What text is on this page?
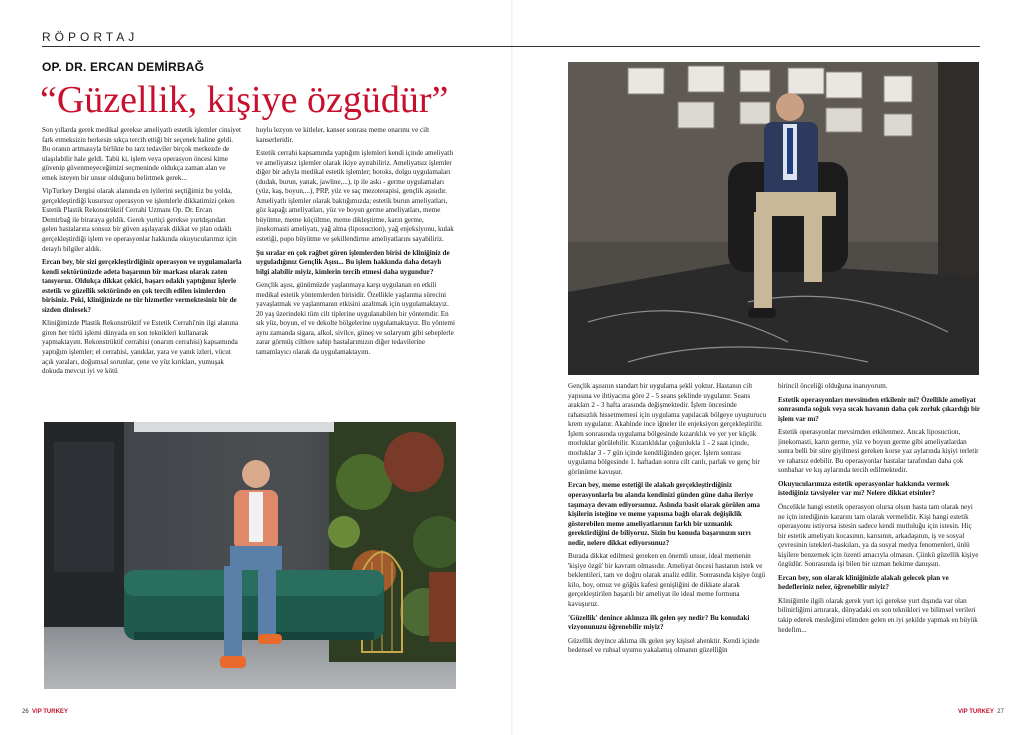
RÖPORTAJ
OP. DR. ERCAN DEMİRBAĞ
“Güzellik, kişiye özgüdür”

Son yıllarda gerek medikal gerekse ameliyatlı estetik işlemler cinsiyet fark etmeksizin herkesin sıkça tercih ettiği bir seçenek haline geldi. Bu oranın artmasıyla birlikte bu tarz tedaviler birçok merkezde de ulaşılabilir hale geldi. Tabii ki, işlem veya operasyon öncesi kime güvenip güvenmeyeceğimizi seçmeninde oldukça zaman alan ve emek isteyen bir unsur olduğunu belirtmek gerek...

VipTurkey Dergisi olarak alanında en iyilerini seçtiğimiz bu yolda, gerçekleştirdiği kusursuz operasyon ve işlemlerle dikkatimizi çeken Estetik Plastik Rekonstrüktif Cerrahi Uzmanı Op. Dr. Ercan Demirbağ ile biraraya geldik. Gerek yurtiçi gerekse yurtdışından gelen hastalarına sonsuz bir güven aşılayarak dikkat ve plan odaklı gerçekleştirdiği işlem ve operasyonlar hakkında okuyucularımız için detaylı bilgiler aldık.

Ercan bey, bir sizi gerçekleştirdiğiniz operasyon ve uygulamalarla kendi sektörünüzde adeta başarının bir markası olarak zaten tanıyoruz. Oldukça dikkat çekici, başarı odaklı yaptığınız işlerle estetik ve güzellik sektöründe en çok tercih edilen isimlerden birisiniz. Peki, kliniğinizde ne tür hizmetler vermektesiniz bir de sizden dinlesek?

Kliniğimizde Plastik Rekonstrüktif ve Estetik Cerrahi'nin ilgi alanına giren her türlü işlemi dünyada en son teknikleri kullanarak yapmaktayım. Rekonstrüktif cerrahisi (onarım cerrahisi) kapsamında yaptığım işlemler; el cerrahisi, yanıklar, yara ve yanık izleri, vücut açık yaraları, doğumsal sorunlar, çene ve yüz kırıkları, yumuşak dokuda mevcut iyi ve kötü

huylu lezyon ve kitleler, kanser sonrası meme onarımı ve cilt kanserleridir.

Estetik cerrahi kapsamında yaptığım işlemleri kendi içinde ameliyatlı ve ameliyatsız işlemler olarak ikiye ayırabiliriz. Ameliyatsız işlemler diğer bir adıyla medikal estetik işlemler; botoks, dolgu uygulamaları (dudak, burun, yanak, jawline,...), ip ile askı - germe uygulamaları (yüz, kaş, boyun,...), PRP, yüz ve saç mezoterapisi, gençlik aşısıdır. Ameliyatlı işlemler olarak baktığımızda; estetik burun ameliyatları, göz kapağı ameliyatları, yüz ve boyun germe ameliyatları, meme büyütme, meme küçültme, meme dikleştirme, karın germe, jinekomasti ameliyatı, yağ alma (liposuction), yağ enjeksiyonu, kulak estetiği, popo büyütme ve şekillendirme ameliyatlarını sayabiliriz.

Şu sıralar en çok rağbet gören işlemlerden birisi de kliniğiniz de uyguladığınız Gençlik Aşısı... Bu işlem hakkında daha detaylı bilgi alabilir miyiz, kimlerin tercih etmesi daha uygundur?

Gençlik aşısı, günümüzde yaşlanmaya karşı uygulanan en etkili medikal estetik yöntemlerden birisidir. Özellikle yaşlanma sürecini yavaşlatmak ve yaşlanmanın etkisini azaltmak için uygulamaktayız. 20 yaş üzerindeki tüm cilt tiplerine uygulanabilen bir yöntemdir. En sık yüz, boyun, el ve dekolte bölgelerine uygulamaktayız. Bu yöntemi aynı zamanda sigara, alkol, sivilce, güneş ve solaryum gibi sebeplerle zarar görmüş ciltlere sahip hastalarımızın diğer tedavilerine tamamlayıcı olarak da uygulamaktayım.

Gençlik aşısının standart bir uygulama şekli yoktur. Hastanın cilt yapısına ve ihtiyacına göre 2 - 5 seans şeklinde uygulanır. Seans arakları 2 - 3 hafta arasında değişmektedir. İşlem öncesinde rahatsızlık hissetmemesi için uygulama yapılacak bölgeye uyuşturucu krem uygulanır. Akabinde ince iğneler ile enjeksiyon gerçekleştirilir. İşlem sonrasında uygulama bölgesinde kızarıklık ve yer yer küçük morluklar görülebilir. Kızarıklıklar çoğunlukla 1 - 2 saat içinde, morluklar 3 - 7 gün içinde kendiliğinden geçer. İşlem sonrası uygulama bölgesinde 1. haftadan sonra cilt canlı, parlak ve genç bir görünüme kavuşur.

Ercan bey, meme estetiği ile alakalı gerçekleştirdiğiniz operasyonlarla bu alanda kendinizi günden güne daha ileriye taşımaya devam ediyorsunuz. Aslında basit olarak görülen ama kişilerin isteğine ve meme yapısına bağlı olarak değişiklik gösterebilen meme ameliyatlarının farklı bir uzmanlık gerektirdiğini de biliyoruz. Sizin bu konuda başarınızın sırrı nedir, nelere dikkat ediyorsunuz?

Burada dikkat edilmesi gereken en önemli unsur, ideal memenin 'kişiye özgü' bir kavram olmasıdır. Ameliyat öncesi hastanın istek ve beklentileri, tam ve doğru olarak analiz edilir. Sonrasında kişiye özgü kilo, boy, omuz ve göğüs kafesi genişliğini de dikkate alarak gerçekleştirilen başarılı bir ameliyat ile ideal meme formuna kavuşuruz.

'Güzellik' denince aklınıza ilk gelen şey nedir? Bu konudaki vizyonunuzu öğrenebilir miyiz?

Güzellik deyince aklıma ilk gelen şey kişisel ahenktir. Kendi içinde bedensel ve ruhsal uyumu yakalamış olmanın güzelliğin

birincil önceliği olduğuna inanıyorum.

Estetik operasyonları mevsimden etkilenir mi? Özellikle ameliyat sonrasında soğuk veya sıcak havanın daha çok zorluk çıkardığı bir işlem var mı?

Estetik operasyonlar mevsimden etkilenmez. Ancak liposuction, jinekomasti, karın germe, yüz ve boyun germe gibi ameliyatlardan sonra belli bir süre giyilmesi gereken korse yaz aylarında kişiyi terletir ve rahatsız edebilir. Bu operasyonlar hastalar tarafından daha çok sonbahar ve kış aylarında tercih edilmektedir.

Okuyucularımıza estetik operasyonlar hakkında vermek istediğiniz tavsiyeler var mı? Nelere dikkat etsinler?

Öncelikle hangi estetik operasyon olursa olsun hasta tam olarak neyi ne için istediğinin kararını tam olarak vermelidir. Kişi hangi estetik operasyonu istiyorsa istesin sadece kendi mutluluğu için istesin. Hiç bir estetik ameliyatı kocasının, karısının, arkadaşının, iş ve sosyal çevresinin istekleri-baskıları, ya da sosyal medya fenomenleri, ünlü kişilere benzemek için özenti amacıyla olmasın. Çünkü güzellik kişiye özgüdür. Sonrasında işi bilen bir uzman hekime danışsın.

Ercan bey, son olarak kliniğinizle alakalı gelecek plan ve hedefleriniz neler, öğrenebilir miyiz?

Kliniğimle ilgili olarak gerek yurt içi gerekse yurt dışında var olan bilinirliğimi artırarak, dünyadaki en son teknikleri ve bilimsel verileri takip ederek mesleğimi elimden gelen en iyi şekilde yapmak en büyük hedefim...

26 VIP TURKEY	VIP TURKEY 27
